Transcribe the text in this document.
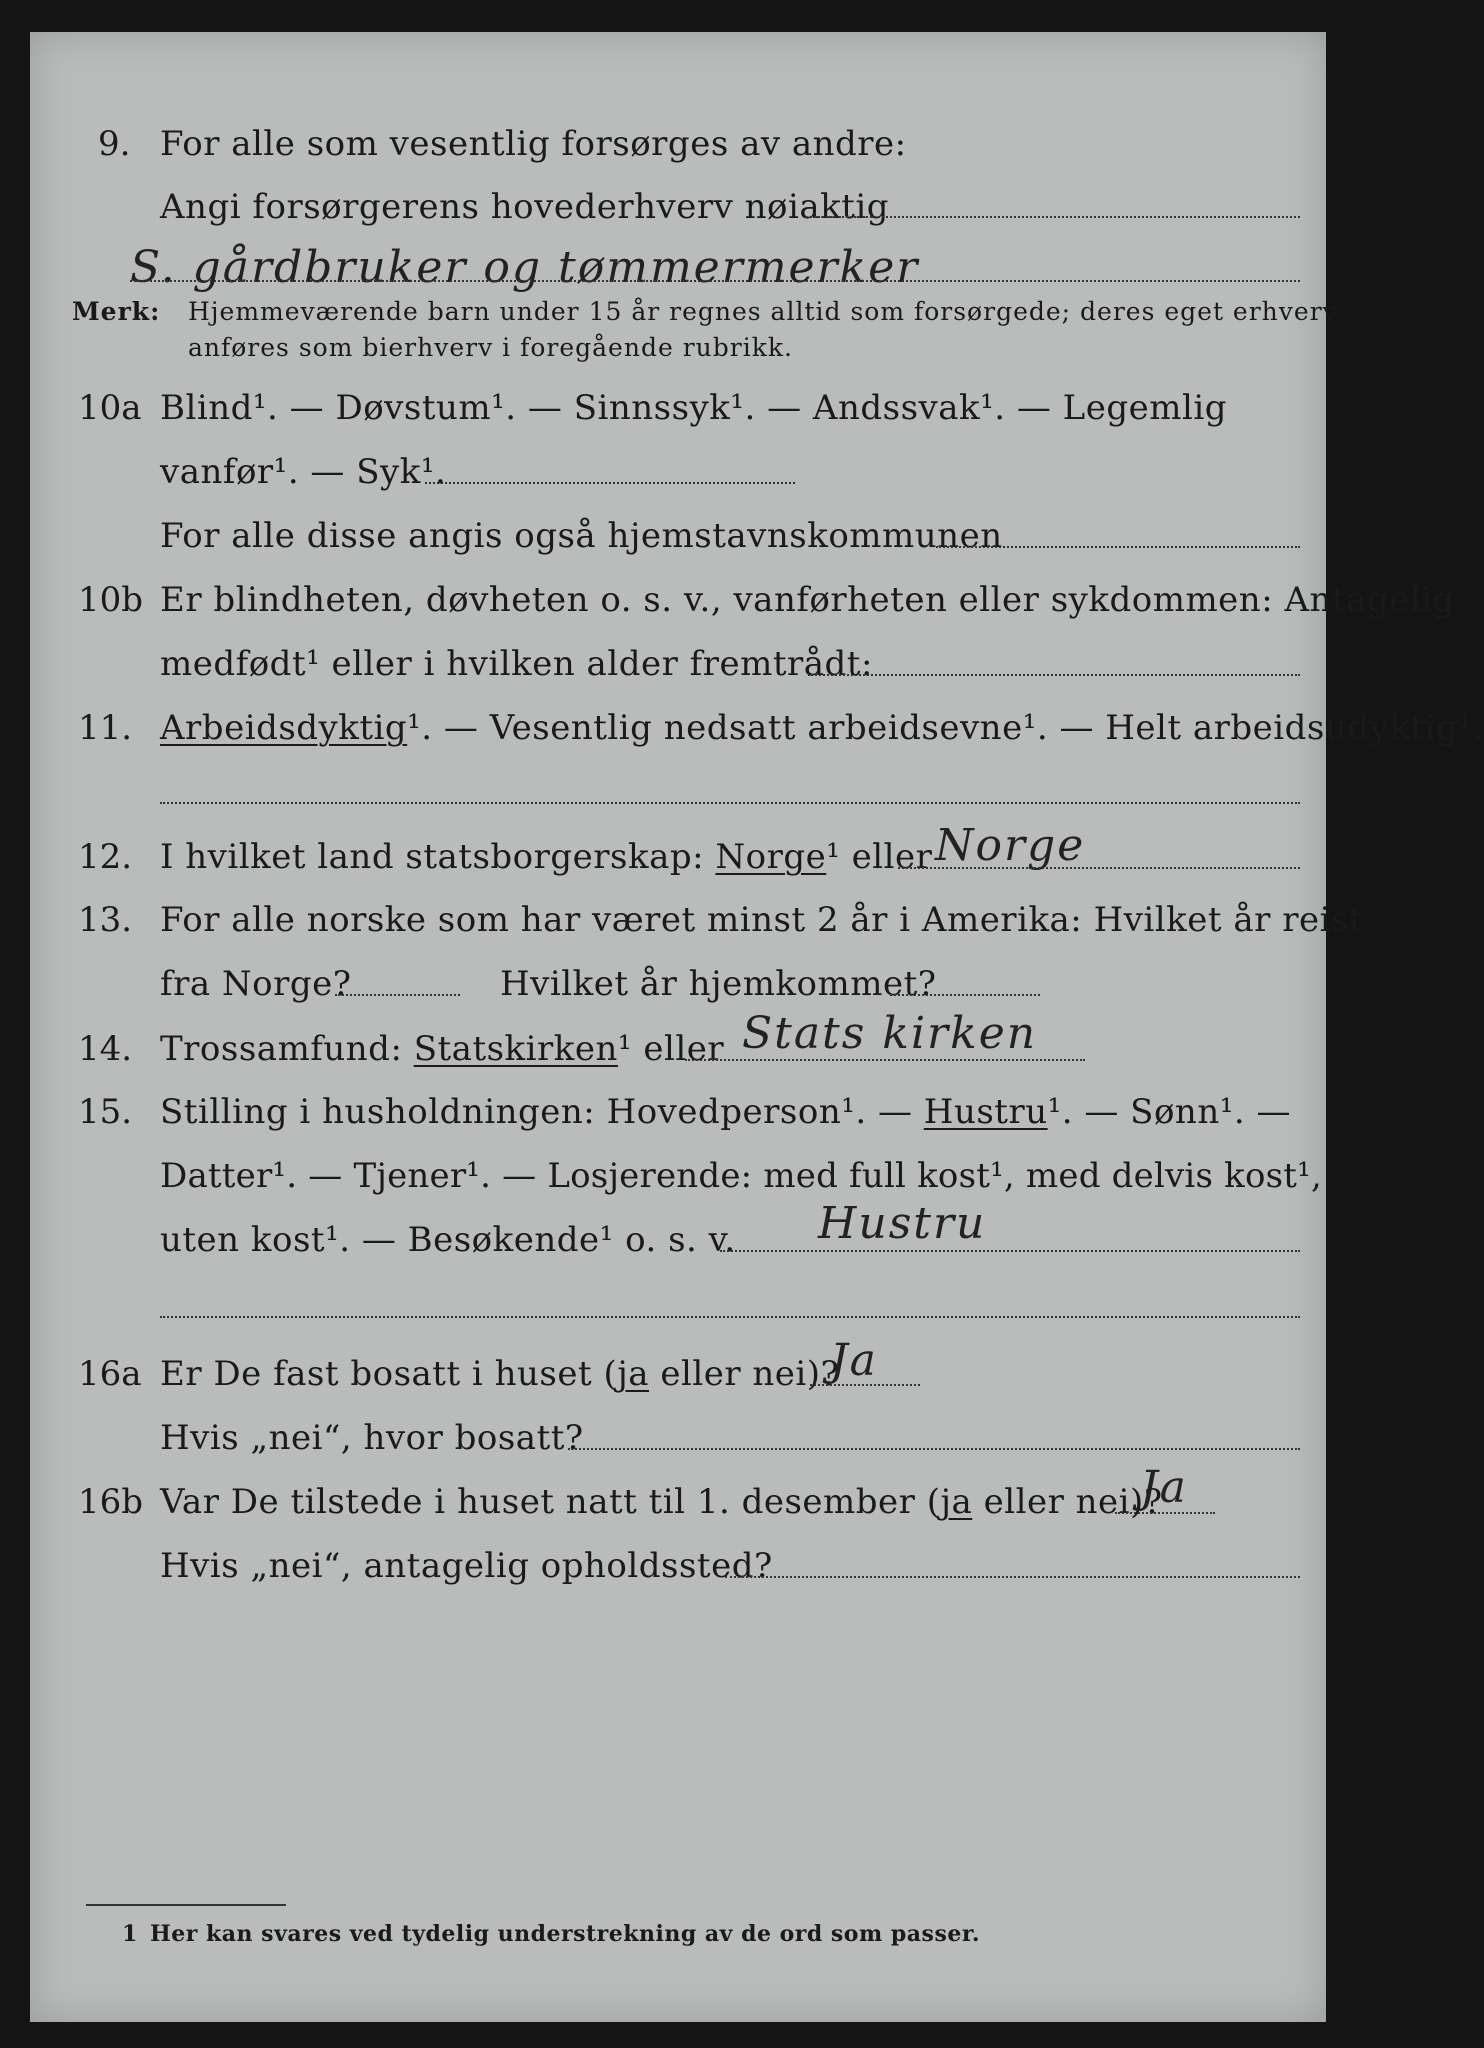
9. For alle som vesentlig forsørges av andre:
Angi forsørgerens hovederhverv nøiaktig
S. gårdbruker og tømmermerker
Merk: Hjemmeværende barn under 15 år regnes alltid som forsørgede; deres eget erhverv
anføres som bierhverv i foregående rubrikk.
10a Blind¹. — Døvstum¹. — Sinnssyk¹. — Andssvak¹. — Legemlig
vanfør¹. — Syk¹.
For alle disse angis også hjemstavnskommunen
10b Er blindheten, døvheten o. s. v., vanførheten eller sykdommen: Antagelig
medfødt¹ eller i hvilken alder fremtrådt:
11. Arbeidsdyktig¹. — Vesentlig nedsatt arbeidsevne¹. — Helt arbeidsudyktig¹.
12. I hvilket land statsborgerskap: Norge¹ eller Norge
13. For alle norske som har været minst 2 år i Amerika: Hvilket år reist
fra Norge?	Hvilket år hjemkommet?
14. Trossamfund: Statskirken¹ eller Stats kirken
15. Stilling i husholdningen: Hovedperson¹. — Hustru¹. — Sønn¹. —
Datter¹. — Tjener¹. — Losjerende: med full kost¹, med delvis kost¹,
uten kost¹. — Besøkende¹ o. s. v. Hustru
16a Er De fast bosatt i huset (ja eller nei)?
Ja
Hvis „nei“, hvor bosatt?
16b Var De tilstede i huset natt til 1. desember (ja eller nei)?
Ja
Hvis „nei“, antagelig opholdssted?
1 Her kan svares ved tydelig understrekning av de ord som passer.
